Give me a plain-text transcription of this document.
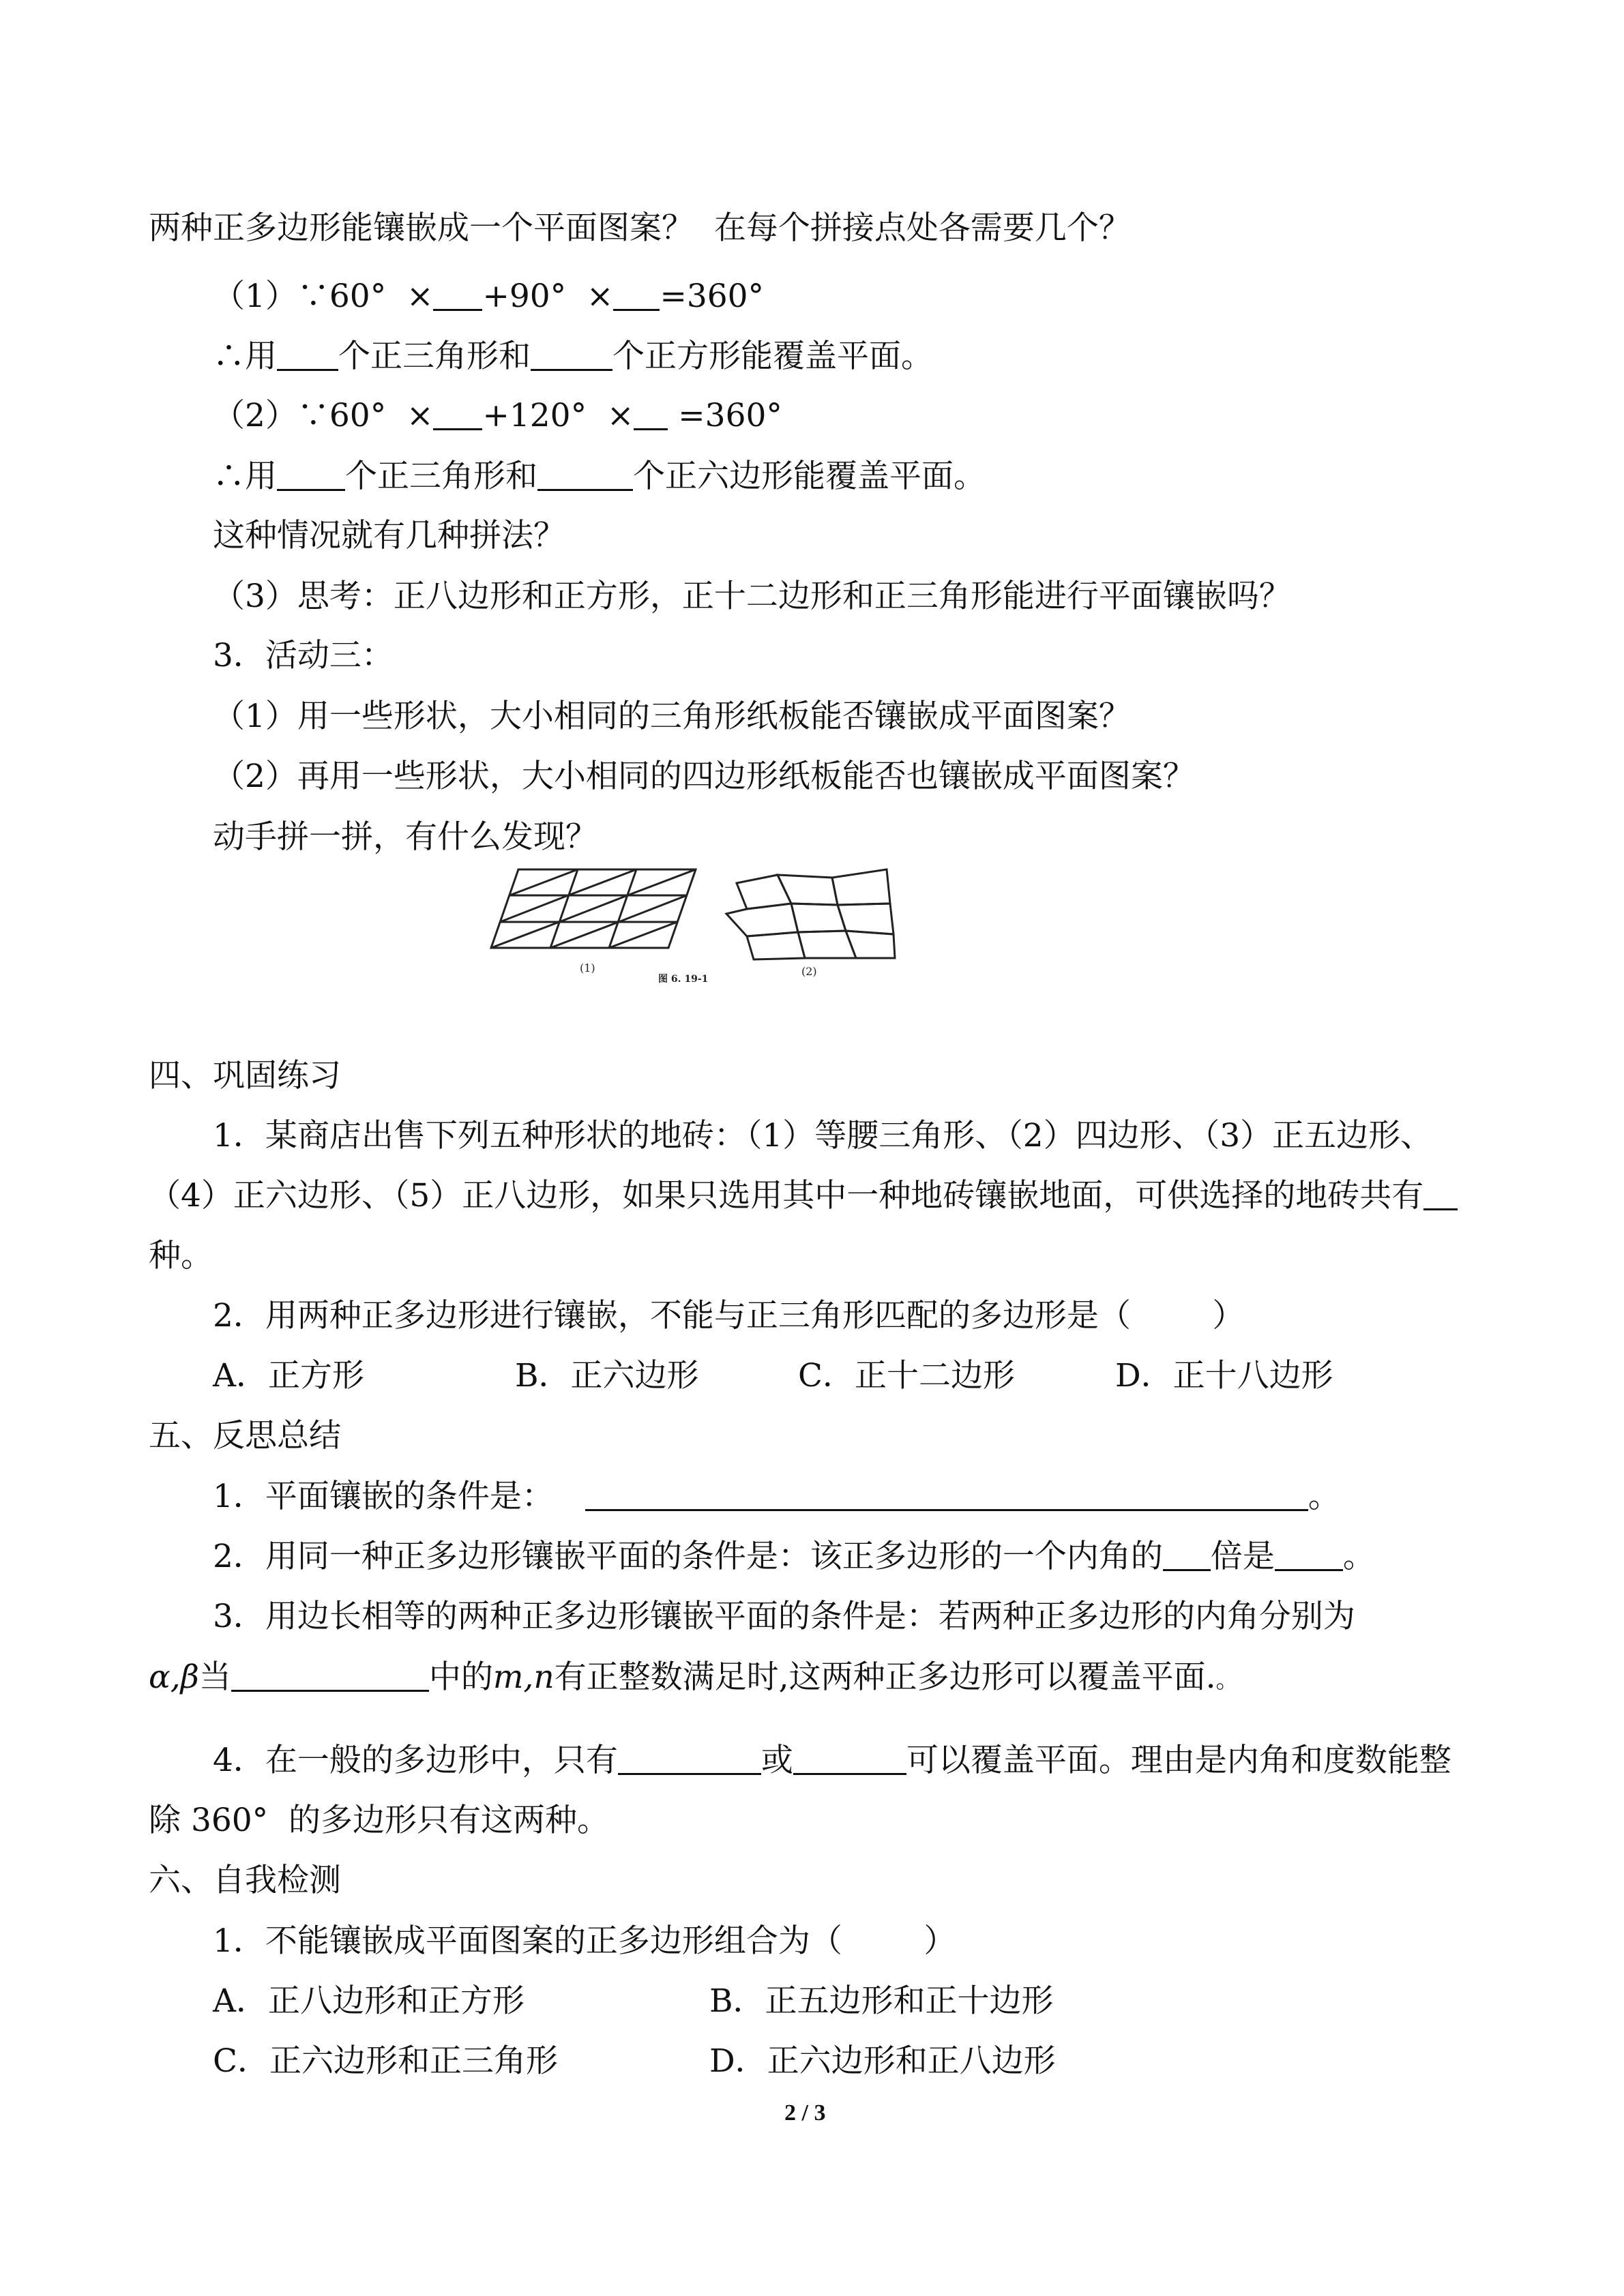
两种正多边形能镶嵌成一个平面图案？  在每个拼接点处各需要几个？
（1）∵60°  × +90°  × =360°
∴用 个正三角形和	个正方形能覆盖平面。
（2）∵60°  × +120°  × =360°
∴用 个正三角形和	个正六边形能覆盖平面。
这种情况就有几种拼法？
（3）思考：正八边形和正方形，正十二边形和正三角形能进行平面镶嵌吗？
3．活动三：
（1）用一些形状，大小相同的三角形纸板能否镶嵌成平面图案？
（2）再用一些形状，大小相同的四边形纸板能否也镶嵌成平面图案？
动手拼一拼，有什么发现？
(1)
图 6. 19-1
(2)
四、巩固练习
1．某商店出售下列五种形状的地砖：（1）等腰三角形、（2）四边形、（3）正五边形、
（4）正六边形、（5）正八边形，如果只选用其中一种地砖镶嵌地面，可供选择的地砖共有
种。
2．用两种正多边形进行镶嵌，不能与正三角形匹配的多边形是（        ）
A．正方形	B．正六边形	C．正十二边形	D．正十八边形
五、反思总结
1．平面镶嵌的条件是：	。
2．用同一种正多边形镶嵌平面的条件是：该正多边形的一个内角的 倍是 。
3．用边长相等的两种正多边形镶嵌平面的条件是：若两种正多边形的内角分别为
α,β当	中的m,n有正整数满足时,这两种正多边形可以覆盖平面.。
4．在一般的多边形中，只有	或	可以覆盖平面。理由是内角和度数能整
除 360°  的多边形只有这两种。
六、自我检测
1．不能镶嵌成平面图案的正多边形组合为（        ）
A．正八边形和正方形	B．正五边形和正十边形
C．正六边形和正三角形	D．正六边形和正八边形
2 / 3
